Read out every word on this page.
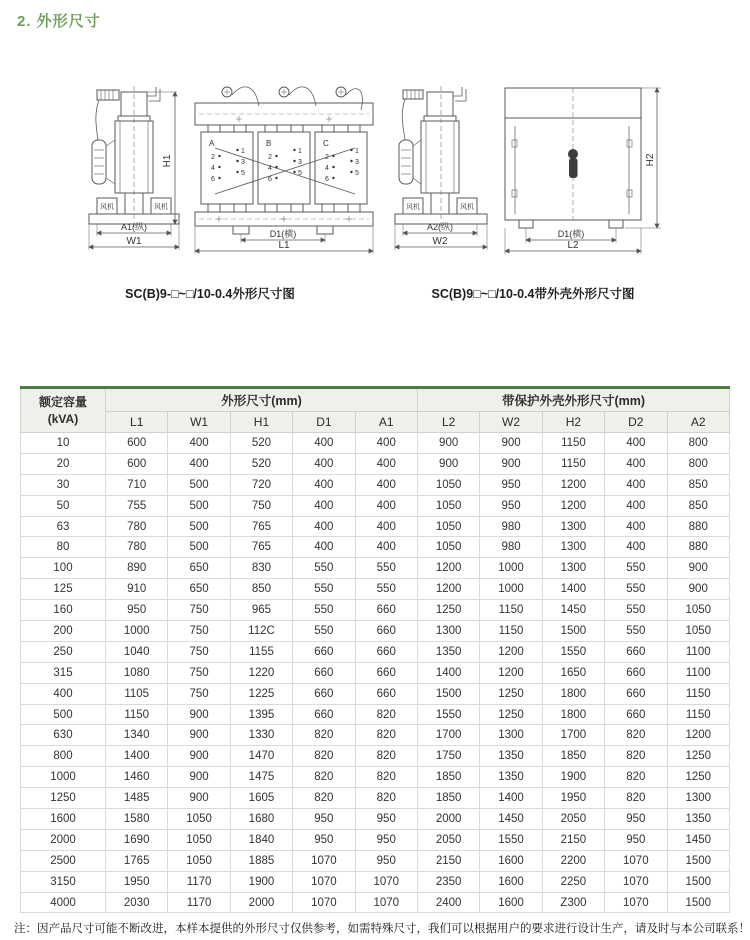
2. 外形尺寸
风机	风机
H1
A1(纵)
W1
A	B	C
1
3
5
2
4
6
1
3
5
2
4
6
1
3
5
2
4
6
D1(横)
L1
风机	风机
A2(纵)
W2
H2
D1(横)
L2
SC(B)9-□~□/10-0.4外形尺寸图	SC(B)9□~□/10-0.4带外壳外形尺寸图
额定容量
(kVA)	外形尺寸(mm)					带保护外壳外形尺寸(mm)				
	L1	W1	H1	D1	A1	L2	W2	H2	D2	A2
10	600	400	520	400	400	900	900	1150	400	800
20	600	400	520	400	400	900	900	1150	400	800
30	710	500	720	400	400	1050	950	1200	400	850
50	755	500	750	400	400	1050	950	1200	400	850
63	780	500	765	400	400	1050	980	1300	400	880
80	780	500	765	400	400	1050	980	1300	400	880
100	890	650	830	550	550	1200	1000	1300	550	900
125	910	650	850	550	550	1200	1000	1400	550	900
160	950	750	965	550	660	1250	1150	1450	550	1050
200	1000	750	112C	550	660	1300	1150	1500	550	1050
250	1040	750	1155	660	660	1350	1200	1550	660	1100
315	1080	750	1220	660	660	1400	1200	1650	660	1100
400	1105	750	1225	660	660	1500	1250	1800	660	1150
500	1150	900	1395	660	820	1550	1250	1800	660	1150
630	1340	900	1330	820	820	1700	1300	1700	820	1200
800	1400	900	1470	820	820	1750	1350	1850	820	1250
1000	1460	900	1475	820	820	1850	1350	1900	820	1250
1250	1485	900	1605	820	820	1850	1400	1950	820	1300
1600	1580	1050	1680	950	950	2000	1450	2050	950	1350
2000	1690	1050	1840	950	950	2050	1550	2150	950	1450
2500	1765	1050	1885	1070	950	2150	1600	2200	1070	1500
3150	1950	1170	1900	1070	1070	2350	1600	2250	1070	1500
4000	2030	1170	2000	1070	1070	2400	1600	Z300	1070	1500
注：因产品尺寸可能不断改进，本样本提供的外形尺寸仅供参考，如需特殊尺寸，我们可以根据用户的要求进行设计生产，请及时与本公司联系！
